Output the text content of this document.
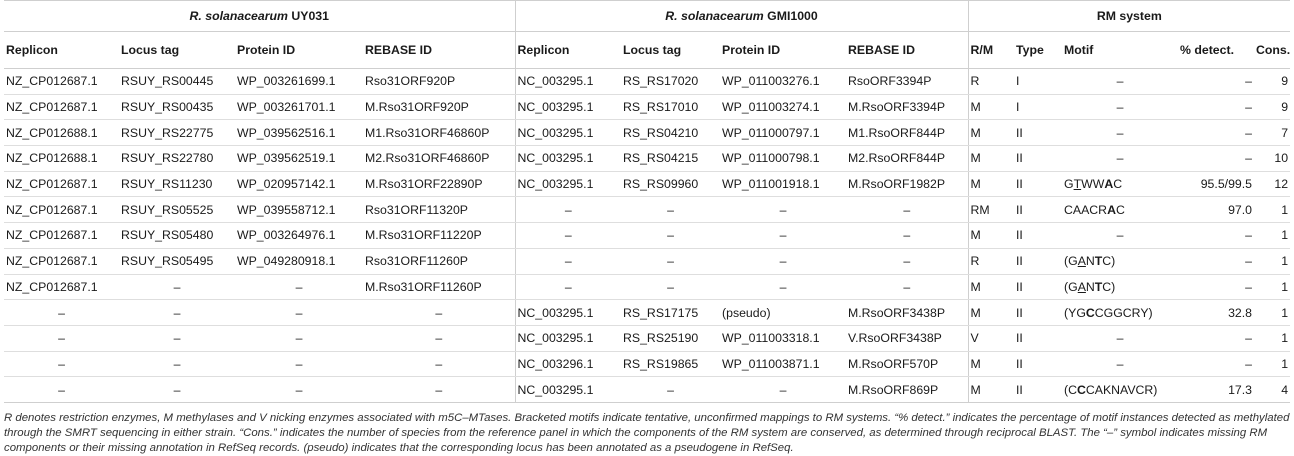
R. solanacearum UY031				R. solanacearum GMI1000				RM system				
Replicon	Locus tag	Protein ID	REBASE ID	Replicon	Locus tag	Protein ID	REBASE ID	R/M	Type	Motif	% detect.	Cons.
NZ_CP012687.1	RSUY_RS00445	WP_003261699.1	Rso31ORF920P	NC_003295.1	RS_RS17020	WP_011003276.1	RsoORF3394P	R	I	–	–	9
NZ_CP012687.1	RSUY_RS00435	WP_003261701.1	M.Rso31ORF920P	NC_003295.1	RS_RS17010	WP_011003274.1	M.RsoORF3394P	M	I	–	–	9
NZ_CP012688.1	RSUY_RS22775	WP_039562516.1	M1.Rso31ORF46860P	NC_003295.1	RS_RS04210	WP_011000797.1	M1.RsoORF844P	M	II	–	–	7
NZ_CP012688.1	RSUY_RS22780	WP_039562519.1	M2.Rso31ORF46860P	NC_003295.1	RS_RS04215	WP_011000798.1	M2.RsoORF844P	M	II	–	–	10
NZ_CP012687.1	RSUY_RS11230	WP_020957142.1	M.Rso31ORF22890P	NC_003295.1	RS_RS09960	WP_011001918.1	M.RsoORF1982P	M	II	GTWWAC	95.5/99.5	12
NZ_CP012687.1	RSUY_RS05525	WP_039558712.1	Rso31ORF11320P	–	–	–	–	RM	II	CAACRAC	97.0	1
NZ_CP012687.1	RSUY_RS05480	WP_003264976.1	M.Rso31ORF11220P	–	–	–	–	M	II	–	–	1
NZ_CP012687.1	RSUY_RS05495	WP_049280918.1	Rso31ORF11260P	–	–	–	–	R	II	(GANTC)	–	1
NZ_CP012687.1	–	–	M.Rso31ORF11260P	–	–	–	–	M	II	(GANTC)	–	1
–	–	–	–	NC_003295.1	RS_RS17175	(pseudo)	M.RsoORF3438P	M	II	(YGCCGGCRY)	32.8	1
–	–	–	–	NC_003295.1	RS_RS25190	WP_011003318.1	V.RsoORF3438P	V	II	–	–	1
–	–	–	–	NC_003296.1	RS_RS19865	WP_011003871.1	M.RsoORF570P	M	II	–	–	1
–	–	–	–	NC_003295.1	–	–	M.RsoORF869P	M	II	(CCCAKNAVCR)	17.3	4
R denotes restriction enzymes, M methylases and V nicking enzymes associated with m5C–MTases. Bracketed motifs indicate tentative, unconfirmed mappings to RM systems. “% detect.” indicates the percentage of motif instances detected as methylated through the SMRT sequencing in either strain. “Cons.” indicates the number of species from the reference panel in which the components of the RM system are conserved, as determined through reciprocal BLAST. The “–” symbol indicates missing RM components or their missing annotation in RefSeq records. (pseudo) indicates that the corresponding locus has been annotated as a pseudogene in RefSeq.
